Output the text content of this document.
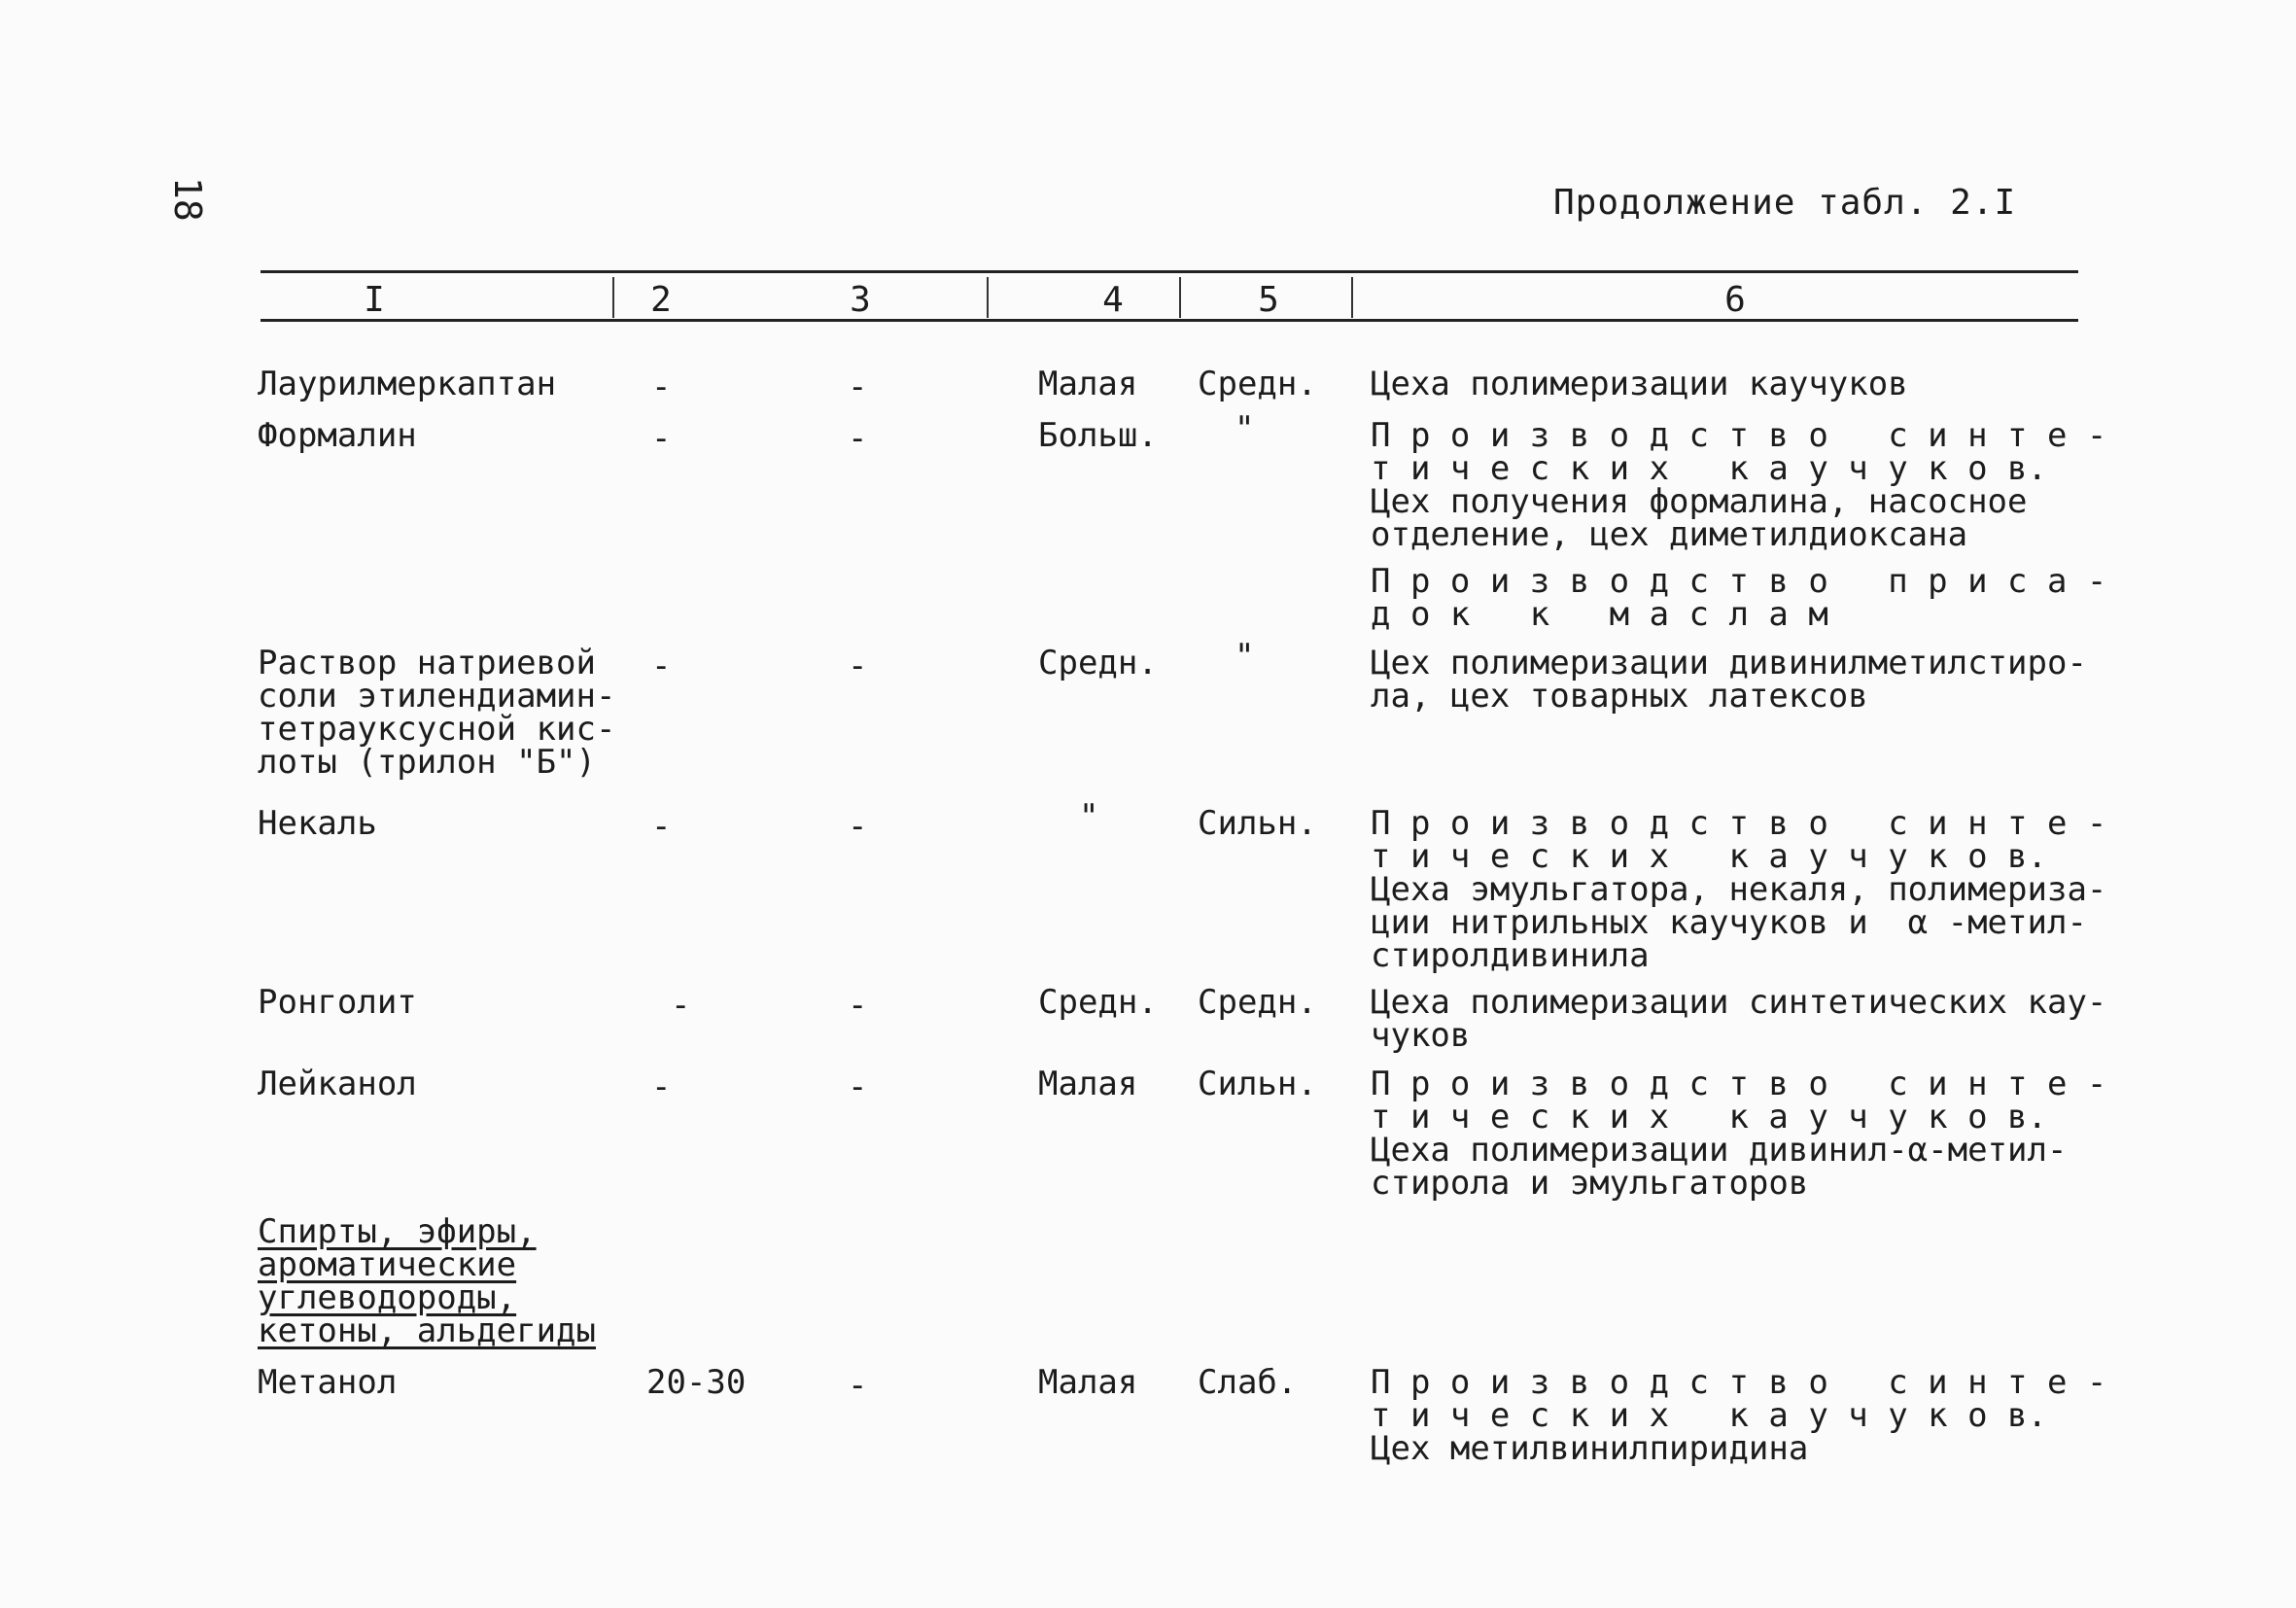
18	Продолжение табл. 2.I
I	2	3	4	5	6
Лаурилмеркаптан	-	-	Малая Средн. Цеха полимеризации каучуков
Формалин	-	-	Больш. "	П р о и з в о д с т в о   с и н т е -
т и ч е с к и х   к а у ч у к о в.
Цех получения формалина, насосное
отделение, цех диметилдиоксана
П р о и з в о д с т в о   п р и с а -
д о к   к   м а с л а м
Раствор натриевой
соли этилендиамин-
тетрауксусной кис-
лоты (трилон "Б")
-	-	Средн. "	Цех полимеризации дивинилметилстиро-
ла, цех товарных латексов
Некаль	-	-	"	Сильн. П р о и з в о д с т в о   с и н т е -
т и ч е с к и х   к а у ч у к о в.
Цеха эмульгатора, некаля, полимериза-
ции нитрильных каучуков и  α -метил-
стиролдивинила
Ронголит	-	-	Средн. Средн. Цеха полимеризации синтетических кау-
чуков
Лейканол	-	-	Малая Сильн. П р о и з в о д с т в о   с и н т е -
т и ч е с к и х   к а у ч у к о в.
Цеха полимеризации дивинил-α-метил-
стирола и эмульгаторов
Спирты, эфиры,
ароматические
углеводороды,
кетоны, альдегиды
Метанол	20-30	-	Малая Слаб. П р о и з в о д с т в о   с и н т е -
т и ч е с к и х   к а у ч у к о в.
Цех метилвинилпиридина
